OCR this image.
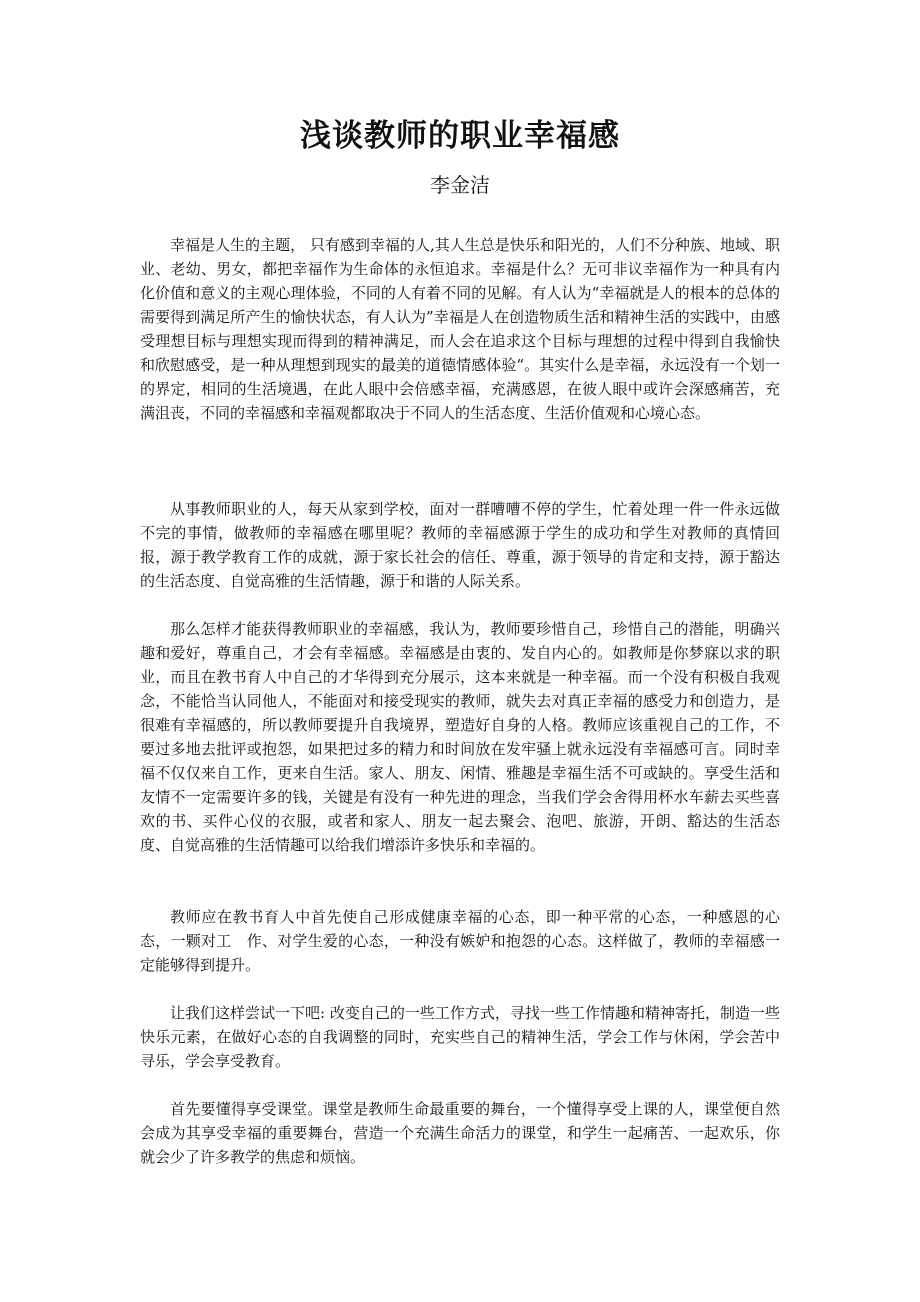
浅谈教师的职业幸福感

李金洁

幸福是人生的主题， 只有感到幸福的人,其人生总是快乐和阳光的，人们不分种族、地域、职业、老幼、男女，都把幸福作为生命体的永恒追求。幸福是什么？无可非议幸福作为一种具有内化价值和意义的主观心理体验，不同的人有着不同的见解。有人认为“幸福就是人的根本的总体的需要得到满足所产生的愉快状态，有人认为”幸福是人在创造物质生活和精神生活的实践中，由感受理想目标与理想实现而得到的精神满足，而人会在追求这个目标与理想的过程中得到自我愉快和欣慰感受，是一种从理想到现实的最美的道德情感体验“。其实什么是幸福，永远没有一个划一的界定，相同的生活境遇，在此人眼中会倍感幸福，充满感恩，在彼人眼中或许会深感痛苦，充满沮丧，不同的幸福感和幸福观都取决于不同人的生活态度、生活价值观和心境心态。

从事教师职业的人，每天从家到学校，面对一群嘈嘈不停的学生，忙着处理一件一件永远做不完的事情，做教师的幸福感在哪里呢？教师的幸福感源于学生的成功和学生对教师的真情回报，源于教学教育工作的成就，源于家长社会的信任、尊重，源于领导的肯定和支持，源于豁达的生活态度、自觉高雅的生活情趣，源于和谐的人际关系。

那么怎样才能获得教师职业的幸福感，我认为，教师要珍惜自己，珍惜自己的潜能，明确兴趣和爱好，尊重自己，才会有幸福感。幸福感是由衷的、发自内心的。如教师是你梦寐以求的职业，而且在教书育人中自己的才华得到充分展示，这本来就是一种幸福。而一个没有积极自我观念，不能恰当认同他人，不能面对和接受现实的教师，就失去对真正幸福的感受力和创造力，是很难有幸福感的，所以教师要提升自我境界，塑造好自身的人格。教师应该重视自己的工作，不要过多地去批评或抱怨，如果把过多的精力和时间放在发牢骚上就永远没有幸福感可言。同时幸福不仅仅来自工作，更来自生活。家人、朋友、闲情、雅趣是幸福生活不可或缺的。享受生活和友情不一定需要许多的钱，关键是有没有一种先进的理念，当我们学会舍得用杯水车薪去买些喜欢的书、买件心仪的衣服，或者和家人、朋友一起去聚会、泡吧、旅游，开朗、豁达的生活态度、自觉高雅的生活情趣可以给我们增添许多快乐和幸福的。

教师应在教书育人中首先使自己形成健康幸福的心态，即一种平常的心态，一种感恩的心态，一颗对工　作、对学生爱的心态，一种没有嫉妒和抱怨的心态。这样做了，教师的幸福感一定能够得到提升。

让我们这样尝试一下吧: 改变自己的一些工作方式，寻找一些工作情趣和精神寄托，制造一些快乐元素，在做好心态的自我调整的同时，充实些自己的精神生活，学会工作与休闲，学会苦中寻乐，学会享受教育。

首先要懂得享受课堂。课堂是教师生命最重要的舞台，一个懂得享受上课的人，课堂便自然会成为其享受幸福的重要舞台，营造一个充满生命活力的课堂，和学生一起痛苦、一起欢乐，你就会少了许多教学的焦虑和烦恼。
